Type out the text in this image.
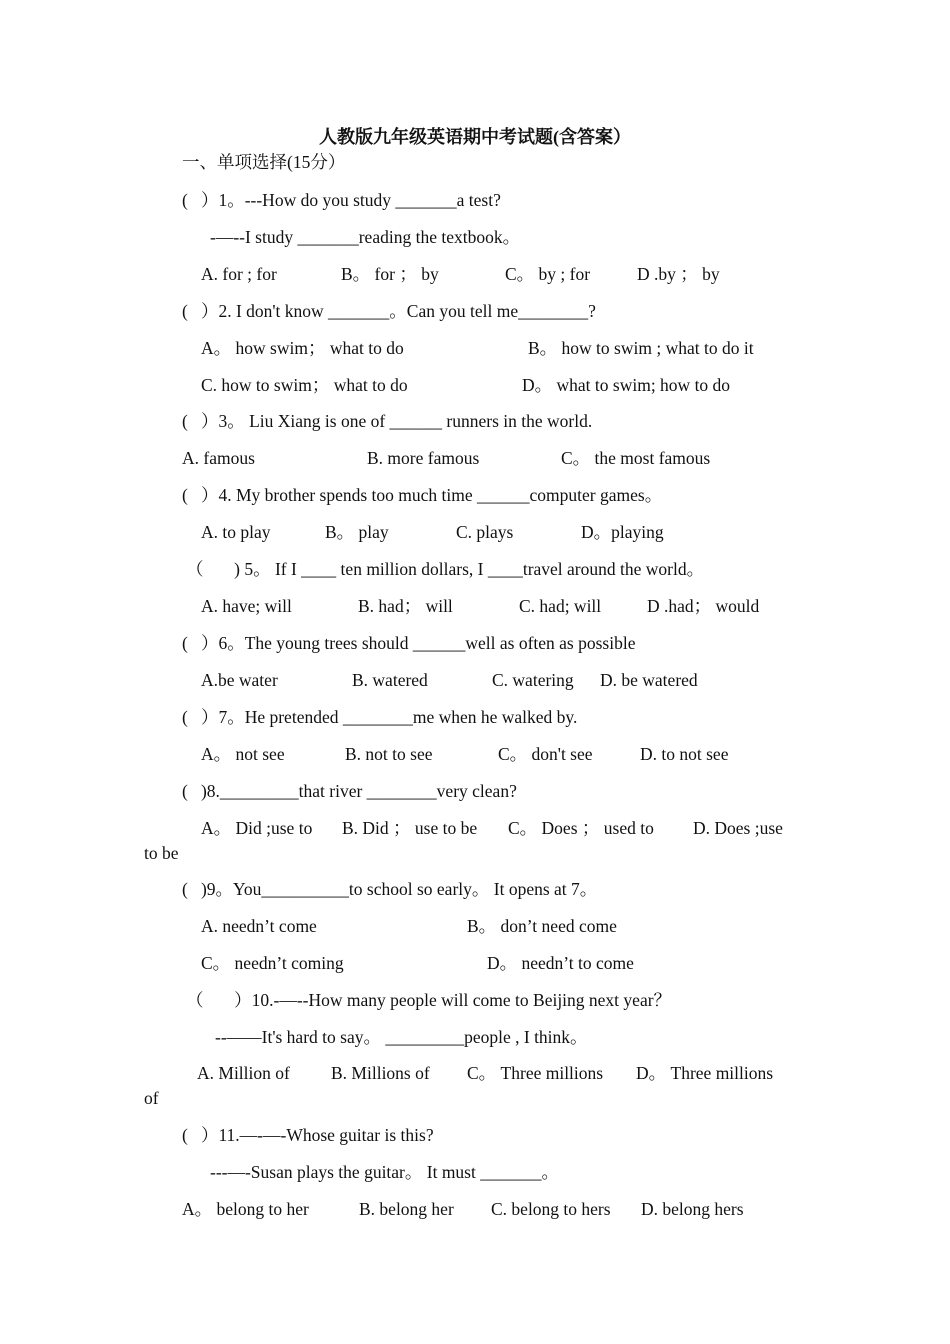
人教版九年级英语期中考试题(含答案）
一、单项选择(15分）
(   ）1。---How do you study _______a test?
-—--I study _______reading the textbook。
A. for ; for	B。 for ； by	C。 by ; for	D .by ； by
(   ）2. I don't know _______。Can you tell me________?
A。 how swim； what to do	B。 how to swim ; what to do it
C. how to swim； what to do	D。 what to swim; how to do
(   ）3。 Liu Xiang is one of ______ runners in the world.
A. famous	B. more famous	C。 the most famous
(   ）4. My brother spends too much time ______computer games。
A. to play	B。 play	C. plays	D。playing
（       ) 5。 If I ____ ten million dollars, I ____travel around the world。
A. have; will	B. had； will	C. had; will	D .had； would
(   ）6。The young trees should ______well as often as possible
A.be water	B. watered	C. watering D. be watered
(   ）7。He pretended ________me when he walked by.
A。 not see	B. not to see	C。 don't see	D. to not see
(   )8._________that river ________very clean?
A。 Did ;use to B. Did ； use to be C。 Does ； used to D. Does ;use
to be
(   )9。You__________to school so early。 It opens at 7。
A. needn’t come	B。 don’t need come
C。 needn’t coming	D。 needn’t to come
（       ）10.-—--How many people will come to Beijing next year？
--——It's hard to say。 _________people , I think。
A. Million of B. Millions of C。 Three millions D。 Three millions
of
(   ）11.—-—-Whose guitar is this?
---—-Susan plays the guitar。 It must _______。
A。 belong to her	B. belong her C. belong to hers D. belong hers
